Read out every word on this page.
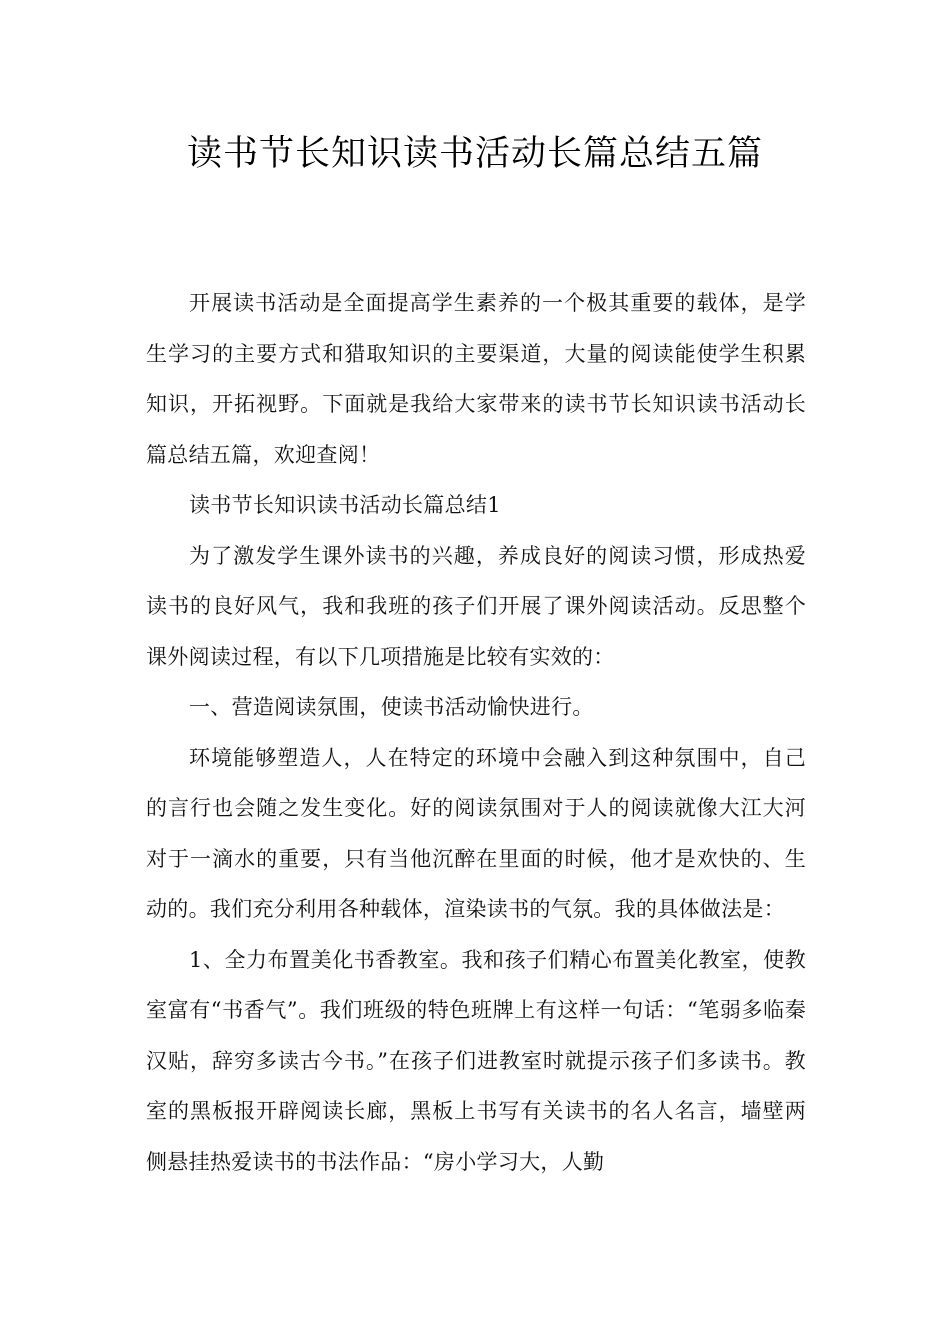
读书节长知识读书活动长篇总结五篇

开展读书活动是全面提高学生素养的一个极其重要的载体，是学生学习的主要方式和猎取知识的主要渠道，大量的阅读能使学生积累知识，开拓视野。下面就是我给大家带来的读书节长知识读书活动长篇总结五篇，欢迎查阅！

读书节长知识读书活动长篇总结1

为了激发学生课外读书的兴趣，养成良好的阅读习惯，形成热爱读书的良好风气，我和我班的孩子们开展了课外阅读活动。反思整个课外阅读过程，有以下几项措施是比较有实效的：

一、营造阅读氛围，使读书活动愉快进行。

环境能够塑造人，人在特定的环境中会融入到这种氛围中，自己的言行也会随之发生变化。好的阅读氛围对于人的阅读就像大江大河对于一滴水的重要，只有当他沉醉在里面的时候，他才是欢快的、生动的。我们充分利用各种载体，渲染读书的气氛。我的具体做法是：

1、全力布置美化书香教室。我和孩子们精心布置美化教室，使教室富有“书香气”。我们班级的特色班牌上有这样一句话：“笔弱多临秦汉贴，辞穷多读古今书。”在孩子们进教室时就提示孩子们多读书。教室的黑板报开辟阅读长廊，黑板上书写有关读书的名人名言，墙壁两侧悬挂热爱读书的书法作品：“房小学习大，人勤
